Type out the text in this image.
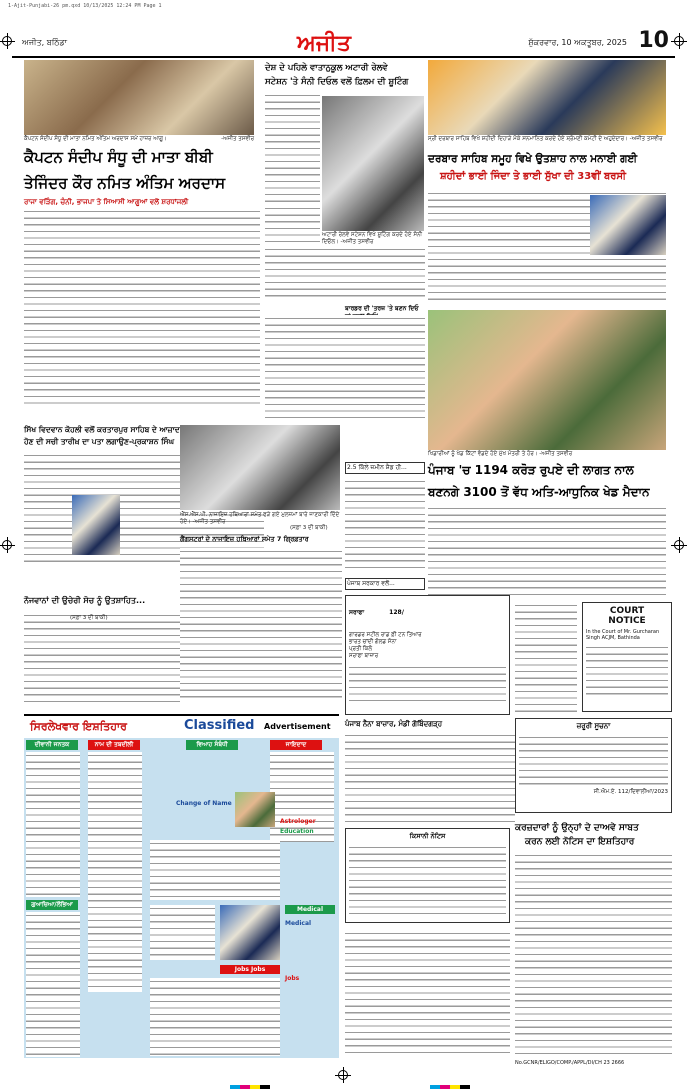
1-Ajit-Punjabi-26 pm.qxd 10/13/2025 12:24 PM Page 1
ਅਜੀਤ, ਬਠਿੰਡਾ	ਅਜੀਤ	ਸ਼ੁੱਕਰਵਾਰ, 10 ਅਕਤੂਬਰ, 2025 10
ਕੈਪਟਨ ਸੰਦੀਪ ਸੰਧੂ ਦੀ ਮਾਤਾ ਨਮਿਤ ਅੰਤਿਮ ਅਰਦਾਸ ਸਮੇਂ ਹਾਜ਼ਰ ਆਗੂ।	-ਅਜੀਤ ਤਸਵੀਰ
ਕੈਪਟਨ ਸੰਦੀਪ ਸੰਧੂ ਦੀ ਮਾਤਾ ਬੀਬੀ
ਤੇਜਿੰਦਰ ਕੌਰ ਨਮਿਤ ਅੰਤਿਮ ਅਰਦਾਸ
ਰਾਜਾ ਵੜਿੰਗ, ਚੰਨੀ, ਭਾਜਪਾ ਤੇ ਸਿਆਸੀ ਆਗੂਆਂ ਵਲੋਂ ਸ਼ਰਧਾਂਜਲੀ
ਦੇਸ਼ ਦੇ ਪਹਿਲੇ ਵਾਤਾਨੁਕੂਲ ਅਟਾਰੀ ਰੇਲਵੇ
ਸਟੇਸ਼ਨ 'ਤੇ ਸੰਨੀ ਦਿਓਲ ਵਲੋਂ ਫ਼ਿਲਮ ਦੀ ਸ਼ੂਟਿੰਗ
ਅਟਾਰੀ ਰੇਲਵੇ ਸਟੇਸ਼ਨ ਵਿਖੇ ਸ਼ੂਟਿੰਗ ਕਰਦੇ ਹੋਏ ਸੰਨੀ ਦਿਓਲ। -ਅਜੀਤ ਤਸਵੀਰ
ਬਾਰਡਰ ਦੀ 'ਤਰਜ਼ 'ਤੇ ਬਣਨ ਦਿਓ
ਸ੍ਰੀ ਦਰਬਾਰ ਸਾਹਿਬ ਵਿਖੇ ਸ਼ਹੀਦੀ ਦਿਹਾੜੇ ਮੌਕੇ ਸਨਮਾਨਿਤ ਕਰਦੇ ਹੋਏ ਸ਼੍ਰੋਮਣੀ ਕਮੇਟੀ ਦੇ ਅਹੁਦੇਦਾਰ। -ਅਜੀਤ ਤਸਵੀਰ
ਦਰਬਾਰ ਸਾਹਿਬ ਸਮੂਹ ਵਿਖੇ ਉਤਸ਼ਾਹ ਨਾਲ ਮਨਾਈ ਗਈ
ਸ਼ਹੀਦਾਂ ਭਾਈ ਜਿੰਦਾ ਤੇ ਭਾਈ ਸੁੱਖਾ ਦੀ 33ਵੀਂ ਬਰਸੀ
ਖਿਡਾਰੀਆਂ ਨੂੰ ਖੇਡ ਕਿੱਟਾਂ ਵੰਡਦੇ ਹੋਏ ਮੁੱਖ ਮੰਤਰੀ ਤੇ ਹੋਰ। -ਅਜੀਤ ਤਸਵੀਰ
2.5 ਕਿੱਲੇ ਜ਼ਮੀਨ ਸ਼ੈਡ ਹੀ...	ਪੰਜਾਬ 'ਚ 1194 ਕਰੋੜ ਰੁਪਏ ਦੀ ਲਾਗਤ ਨਾਲ
ਬਣਨਗੇ 3100 ਤੋਂ ਵੱਧ ਅਤਿ-ਆਧੁਨਿਕ ਖੇਡ ਮੈਦਾਨ
ਪੰਜਾਬ ਸਰਕਾਰ ਵਲੋਂ...
ਸਿੱਖ ਵਿਦਵਾਨ ਕੋਹਲੀ ਵਲੋਂ ਕਰਤਾਰਪੁਰ ਸਾਹਿਬ ਦੇ ਆਜ਼ਾਦ
ਹੋਣ ਦੀ ਸਚੀ ਤਾਰੀਖ਼ ਦਾ ਪਤਾ ਲਗਾਉਣ-ਪ੍ਰਕਾਸ਼ਨ ਸਿੰਘ
ਨੌਜਵਾਨਾਂ ਦੀ ਉਚੇਰੀ ਸੋਚ ਨੂੰ ਉਤਸ਼ਾਹਿਤ...
ਐੱਸ.ਐੱਸ.ਪੀ. ਨਾਜਾਇਜ਼ ਹਥਿਆਰਾਂ ਸਮੇਤ ਫੜੇ ਗਏ ਮੁਲਜ਼ਮਾਂ ਬਾਰੇ ਜਾਣਕਾਰੀ ਦਿੰਦੇ ਹੋਏ। -ਅਜੀਤ ਤਸਵੀਰ
ਗੈਂਗਸਟਰਾਂ ਦੇ ਨਾਜਾਇਜ਼ ਹਥਿਆਰਾਂ ਸਮੇਤ 7 ਗ੍ਰਿਫ਼ਤਾਰ
(ਸਫ਼ਾ 3 ਦੀ ਬਾਕੀ)
(ਸਫ਼ਾ 3 ਦੀ ਬਾਕੀ)
ਸਰਾਫਾ	128/
ਗਾਰਡਰ ਸਟੀਲ ਰਾਡ ਫ਼ੀ ਟਨ ਤਿਆਰ
ਭਾਰਤ ਚਾਂਦੀ ਗੋਲਡ ਸੋਨਾ
ਪ੍ਰਤੀ ਕਿਲੋ
ਸਰਾਫਾ ਬਾਜ਼ਾਰ
COURT
NOTICE
In the Court of Mr. Gurcharan Singh ACJM, Bathinda
ਸਿਰਲੇਖਵਾਰ ਇਸ਼ਤਿਹਾਰ	Classified Advertisement
ਦੀਵਾਨੀ ਜਨਤਕ	ਨਾਮ ਦੀ ਤਬਦੀਲੀ	ਵਿਆਹ ਸੰਬੰਧੀ	ਜਾਇਦਾਦ
ਗੁਆਚਿਆ/ਲੱਭਿਆ
Change of Name
Astrologer
Education
Medical
Jobs Jobs
Medical
Jobs
ਪੰਜਾਬ ਨੈਨਾ ਬਾਜ਼ਾਰ, ਮੰਡੀ ਗੋਬਿੰਦਗੜ੍ਹ	ਜ਼ਰੂਰੀ ਸੂਚਨਾ
ਸੀ.ਐਮ.ਏ. 112/ਦਿਵਾਲੀਆ/2023
ਕਰਜ਼ਦਾਰਾਂ ਨੂੰ ਉਨ੍ਹਾਂ ਦੇ ਦਾਅਵੇ ਸਾਬਤ
ਕਰਨ ਲਈ ਨੋਟਿਸ ਦਾ ਇਸ਼ਤਿਹਾਰ
ਕਿਸਾਨੀ ਨੋਟਿਸ
No.GCNR/ELIGO/COMP./APPL/DI/CH 23 2666
